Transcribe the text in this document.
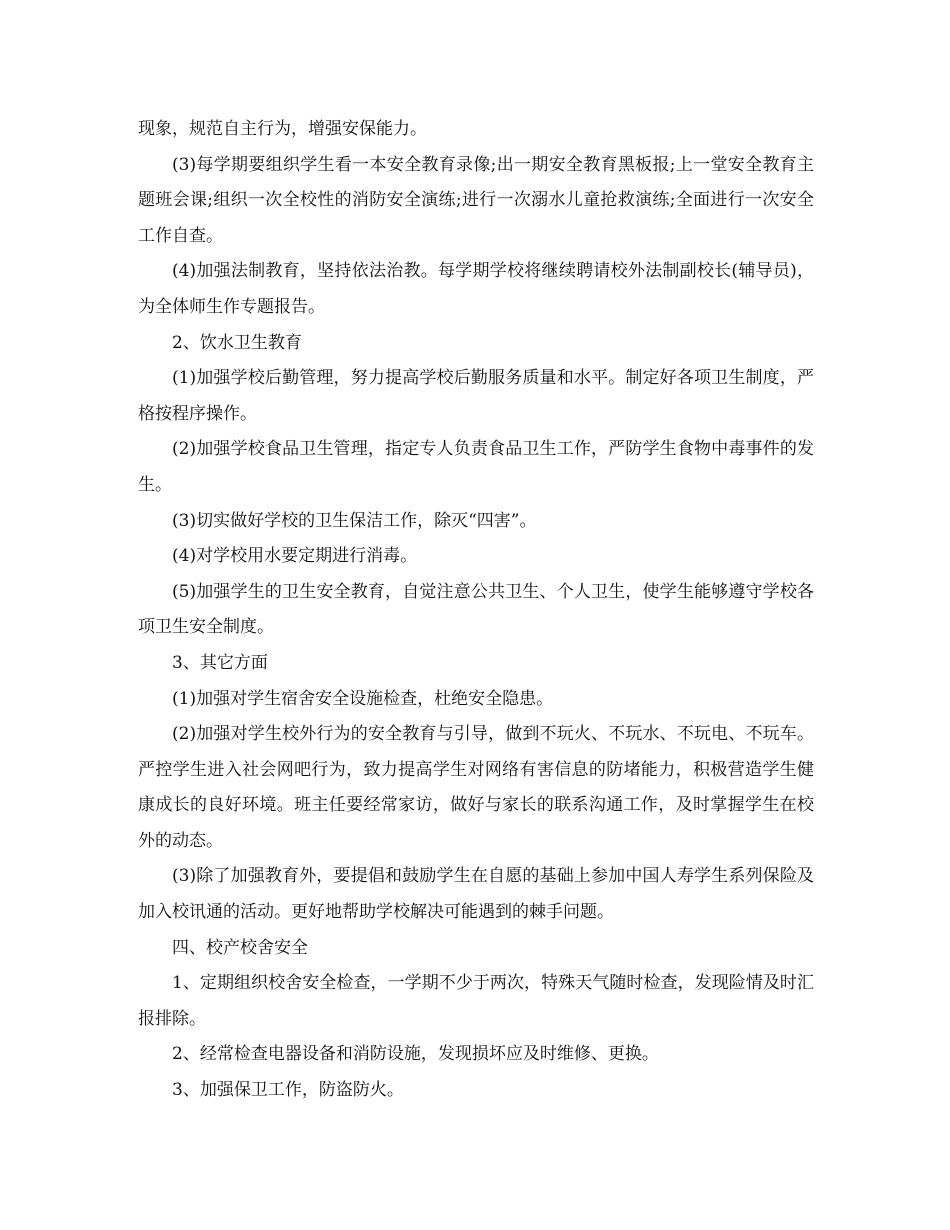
现象，规范自主行为，增强安保能力。

(3)每学期要组织学生看一本安全教育录像;出一期安全教育黑板报;上一堂安全教育主题班会课;组织一次全校性的消防安全演练;进行一次溺水儿童抢救演练;全面进行一次安全工作自查。

(4)加强法制教育，坚持依法治教。每学期学校将继续聘请校外法制副校长(辅导员)，为全体师生作专题报告。

2、饮水卫生教育

(1)加强学校后勤管理，努力提高学校后勤服务质量和水平。制定好各项卫生制度，严格按程序操作。

(2)加强学校食品卫生管理，指定专人负责食品卫生工作，严防学生食物中毒事件的发生。

(3)切实做好学校的卫生保洁工作，除灭“四害”。

(4)对学校用水要定期进行消毒。

(5)加强学生的卫生安全教育，自觉注意公共卫生、个人卫生，使学生能够遵守学校各项卫生安全制度。

3、其它方面

(1)加强对学生宿舍安全设施检查，杜绝安全隐患。

(2)加强对学生校外行为的安全教育与引导，做到不玩火、不玩水、不玩电、不玩车。严控学生进入社会网吧行为，致力提高学生对网络有害信息的防堵能力，积极营造学生健康成长的良好环境。班主任要经常家访，做好与家长的联系沟通工作，及时掌握学生在校外的动态。

(3)除了加强教育外，要提倡和鼓励学生在自愿的基础上参加中国人寿学生系列保险及加入校讯通的活动。更好地帮助学校解决可能遇到的棘手问题。

四、校产校舍安全

1、定期组织校舍安全检查，一学期不少于两次，特殊天气随时检查，发现险情及时汇报排除。

2、经常检查电器设备和消防设施，发现损坏应及时维修、更换。

3、加强保卫工作，防盗防火。
